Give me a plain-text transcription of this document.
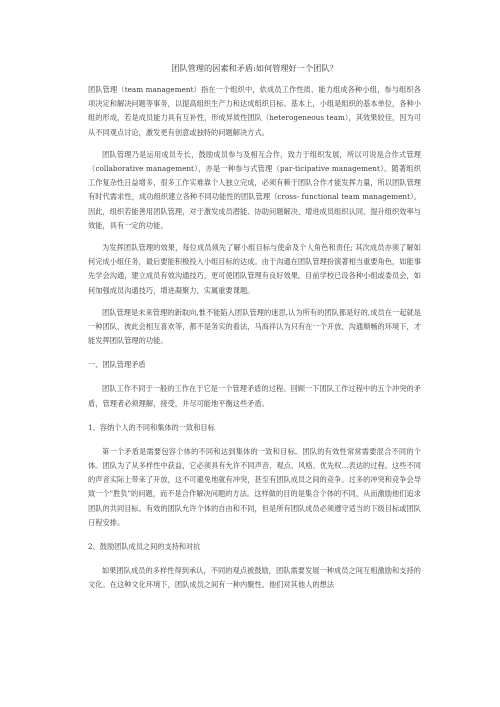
团队管理的因素和矛盾:如何管理好一个团队？

团队管理（team management）指在一个组织中，依成员工作性质、能力组成各种小组，参与组织各项决定和解决问题等事务，以提高组织生产力和达成组织目标。基本上，小组是组织的基本单位，各种小组的形成，若是成员能力具有互补性，形成异质性团队（heterogeneous team），其效果较佳，因为可从不同观点讨论，激发更有创意或独特的问题解决方式。

团队管理乃是运用成员专长，鼓励成员参与及相互合作，致力于组织发展，所以可说是合作式管理（collaborative management），亦是一种参与式管理（par-ticipative management）。随著组织工作复杂性日益增多，很多工作实难靠个人独立完成，必须有赖于团队合作才能发挥力量，所以团队管理有时代需求性，成功组织建立各种不同功能性的团队管理（cross- functional team management）。因此，组织若能善用团队管理，对于激发成员潜能、协助问题解决、增进成员组织认同、提升组织效率与效能，具有一定的功能。

为发挥团队管理的效果，每位成员须先了解小组目标与使命及个人角色和责任; 其次成员亦须了解如何完成小组任务，最后要能积极投入小组目标的达成。由于沟通在团队管理扮演著相当重要角色，如能事先学会沟通，建立成员有效沟通技巧，更可使团队管理有良好效果。目前学校已设各种小组或委员会，如何加强成员沟通技巧，增进凝聚力，实属重要课题。

团队管理是未来管理的新取向,惟不能陷入团队管理的迷思,认为所有的团队都是好的,成员在一起就是一种团队、彼此会相互喜欢等，都不是务实的看法，马海祥认为只有在一个开放、沟通顺畅的环境下，才能发挥团队管理的功能。

一、团队管理矛盾

团队工作不同于一般的工作在于它是一个管理矛盾的过程。回顾一下团队工作过程中的五个冲突的矛盾，管理者必须理解，接受，并尽可能地平衡这些矛盾。

1、容纳个人的不同和集体的一致和目标

第一个矛盾是需要包容个体的不同和达到集体的一致和目标。团队的有效性常常需要混合不同的个体。团队为了从多样性中获益，它必须具有允许不同声音、观点、风格、优先权...表达的过程。这些不同的声音实际上带来了开放，这不可避免地就有冲突，甚至有团队成员之间的竞争。过多的冲突和竞争会导致一个"胜负"的问题，而不是合作解决问题的方法。这样做的目的是集合个体的不同，从而激励他们追求团队的共同目标。有效的团队允许个体的自由和不同，但是所有团队成员必须遵守适当的下级目标或团队日程安排。

2、鼓励团队成员之间的支持和对抗

如果团队成员的多样性得到承认，不同的观点被鼓励，团队需要发展一种成员之间互相激励和支持的文化。在这种文化环境下，团队成员之间有一种内聚性。他们对其他人的想法
